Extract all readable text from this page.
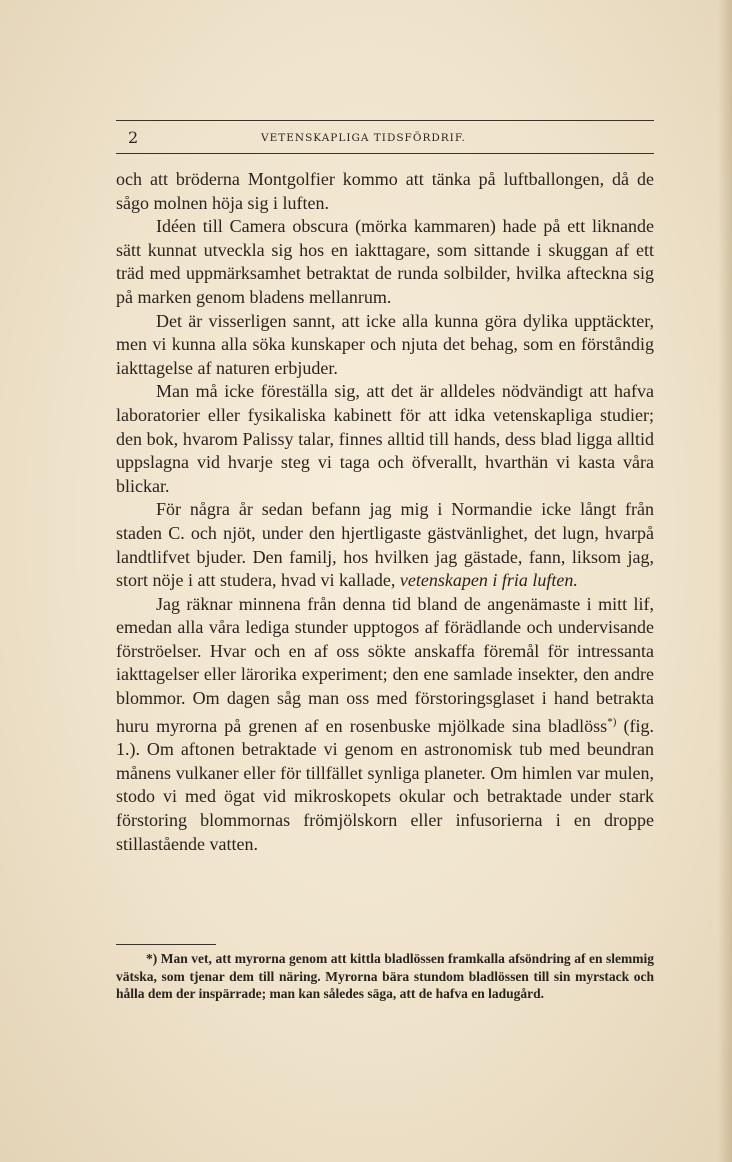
2	VETENSKAPLIGA TIDSFÖRDRIF.

och att bröderna Montgolfier kommo att tänka på luftballongen, då de sågo molnen höja sig i luften.

Idéen till Camera obscura (mörka kammaren) hade på ett liknande sätt kunnat utveckla sig hos en iakttagare, som sittande i skuggan af ett träd med uppmärksamhet betraktat de runda solbilder, hvilka afteckna sig på marken genom bladens mellanrum.

Det är visserligen sannt, att icke alla kunna göra dylika upptäckter, men vi kunna alla söka kunskaper och njuta det behag, som en förståndig iakttagelse af naturen erbjuder.

Man må icke föreställa sig, att det är alldeles nödvändigt att hafva laboratorier eller fysikaliska kabinett för att idka vetenskapliga studier; den bok, hvarom Palissy talar, finnes alltid till hands, dess blad ligga alltid uppslagna vid hvarje steg vi taga och öfverallt, hvarthän vi kasta våra blickar.

För några år sedan befann jag mig i Normandie icke långt från staden C. och njöt, under den hjertligaste gästvänlighet, det lugn, hvarpå landtlifvet bjuder. Den familj, hos hvilken jag gästade, fann, liksom jag, stort nöje i att studera, hvad vi kallade, vetenskapen i fria luften.

Jag räknar minnena från denna tid bland de angenämaste i mitt lif, emedan alla våra lediga stunder upptogos af förädlande och undervisande förströelser. Hvar och en af oss sökte anskaffa föremål för intressanta iakttagelser eller lärorika experiment; den ene samlade insekter, den andre blommor. Om dagen såg man oss med förstoringsglaset i hand betrakta huru myrorna på grenen af en rosenbuske mjölkade sina bladlöss*) (fig. 1.). Om aftonen betraktade vi genom en astronomisk tub med beundran månens vulkaner eller för tillfället synliga planeter. Om himlen var mulen, stodo vi med ögat vid mikroskopets okular och betraktade under stark förstoring blommornas frömjölskorn eller infusorierna i en droppe stillastående vatten.

*) Man vet, att myrorna genom att kittla bladlössen framkalla afsöndring af en slemmig vätska, som tjenar dem till näring. Myrorna bära stundom bladlössen till sin myrstack och hålla dem der inspärrade; man kan således säga, att de hafva en ladugård.
